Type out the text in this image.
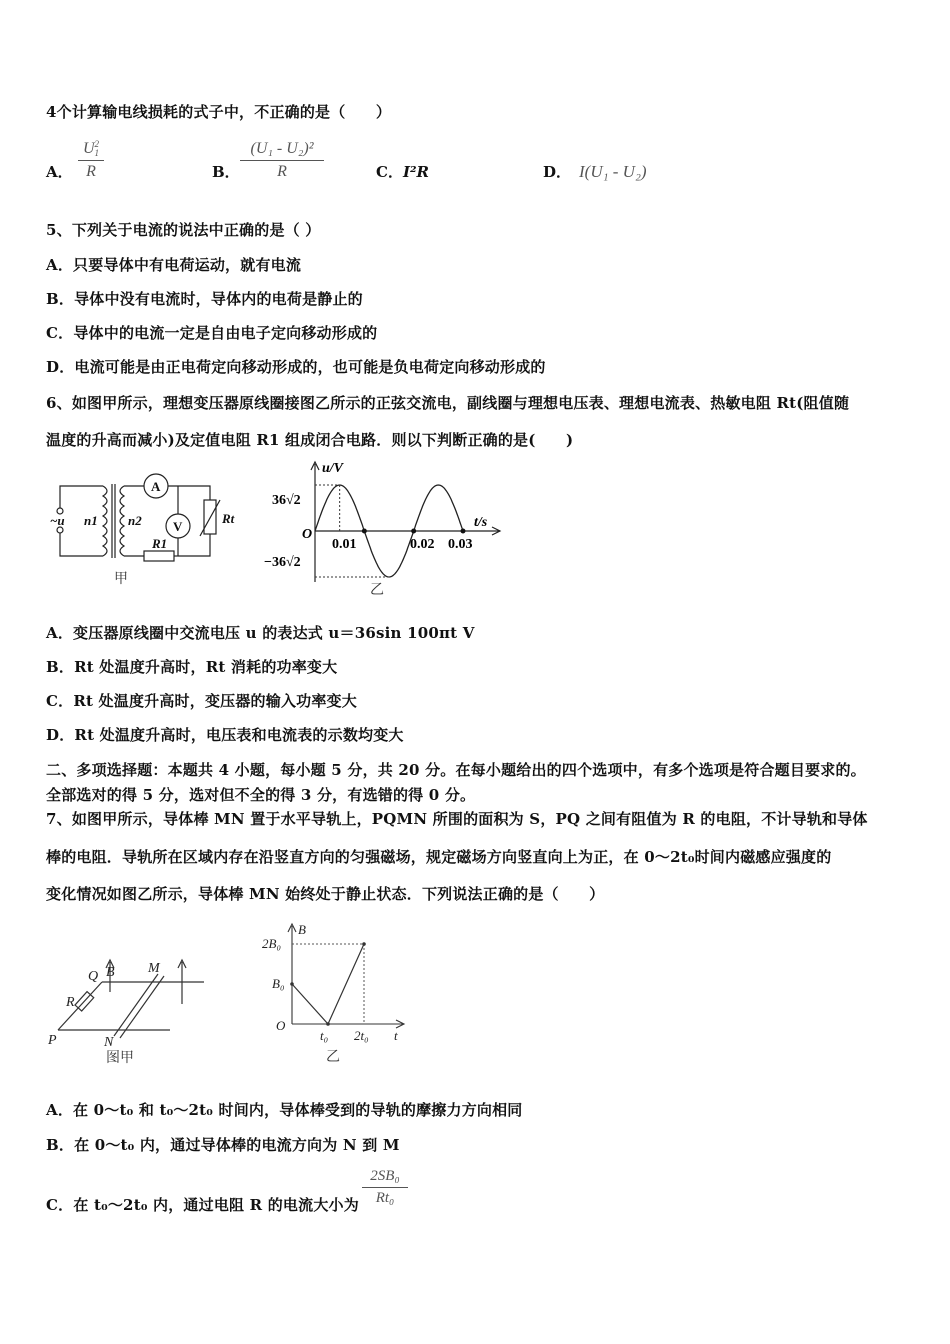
4个计算输电线损耗的式子中，不正确的是（　　）
A． U 2
1
R	B． $\frac{\text{(U₁ - U₂)²}}{R}$	C．I²R	D． I(U₁ - U₂)
5、下列关于电流的说法中正确的是（ ）
A．只要导体中有电荷运动，就有电流
B．导体中没有电流时，导体内的电荷是静止的
C．导体中的电流一定是自由电子定向移动形成的
D．电流可能是由正电荷定向移动形成的，也可能是负电荷定向移动形成的
6、如图甲所示，理想变压器原线圈接图乙所示的正弦交流电，副线圈与理想电压表、理想电流表、热敏电阻 Rt(阻值随
温度的升高而减小)及定值电阻 R1 组成闭合电路．则以下判断正确的是(　　)
~u n1 n2
A
V
Rt
R1
甲
u/V
t/s
O
36√2
−36√2
0.01	0.02 0.03
乙
A．变压器原线圈中交流电压 u 的表达式 u＝36sin 100πt V
B．Rt 处温度升高时，Rt 消耗的功率变大
C．Rt 处温度升高时，变压器的输入功率变大
D．Rt 处温度升高时，电压表和电流表的示数均变大
二、多项选择题：本题共 4 小题，每小题 5 分，共 20 分。在每小题给出的四个选项中，有多个选项是符合题目要求的。
全部选对的得 5 分，选对但不全的得 3 分，有选错的得 0 分。
7、如图甲所示，导体棒 MN 置于水平导轨上，PQMN 所围的面积为 S，PQ 之间有阻值为 R 的电阻，不计导轨和导体
棒的电阻．导轨所在区域内存在沿竖直方向的匀强磁场，规定磁场方向竖直向上为正，在 0～2t₀时间内磁感应强度的
变化情况如图乙所示，导体棒 MN 始终处于静止状态．下列说法正确的是（　　）
Q B M
R
P	N
图甲
B
t
O
B₀
2B₀
t₀ 2t₀
乙
A．在 0～t₀ 和 t₀～2t₀ 时间内，导体棒受到的导轨的摩擦力方向相同
B．在 0～t₀ 内，通过导体棒的电流方向为 N 到 M
C．在 t₀～2t₀ 内，通过电阻 R 的电流大小为 $\frac{\text{2SB₀}}{\text{Rt₀}}$
